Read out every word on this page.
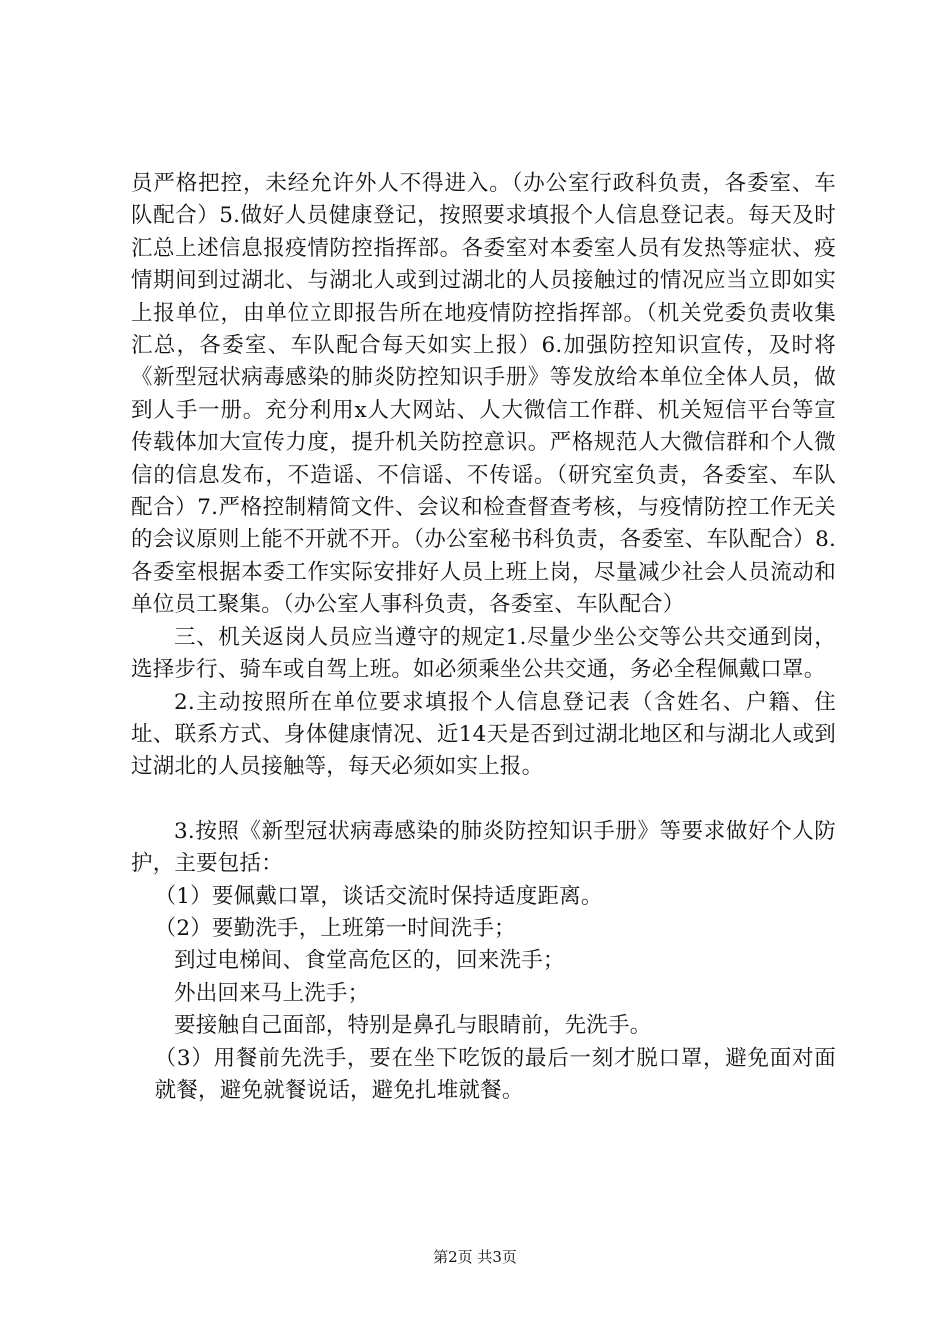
员严格把控，未经允许外人不得进入。（办公室行政科负责，各委室、车队配合）5.做好人员健康登记，按照要求填报个人信息登记表。每天及时汇总上述信息报疫情防控指挥部。各委室对本委室人员有发热等症状、疫情期间到过湖北、与湖北人或到过湖北的人员接触过的情况应当立即如实上报单位，由单位立即报告所在地疫情防控指挥部。（机关党委负责收集汇总，各委室、车队配合每天如实上报）6.加强防控知识宣传，及时将《新型冠状病毒感染的肺炎防控知识手册》等发放给本单位全体人员，做到人手一册。充分利用x人大网站、人大微信工作群、机关短信平台等宣传载体加大宣传力度，提升机关防控意识。严格规范人大微信群和个人微信的信息发布，不造谣、不信谣、不传谣。（研究室负责，各委室、车队配合）7.严格控制精简文件、会议和检查督查考核，与疫情防控工作无关的会议原则上能不开就不开。（办公室秘书科负责，各委室、车队配合）8.各委室根据本委工作实际安排好人员上班上岗，尽量减少社会人员流动和单位员工聚集。（办公室人事科负责，各委室、车队配合）

三、机关返岗人员应当遵守的规定1.尽量少坐公交等公共交通到岗，选择步行、骑车或自驾上班。如必须乘坐公共交通，务必全程佩戴口罩。

2.主动按照所在单位要求填报个人信息登记表（含姓名、户籍、住址、联系方式、身体健康情况、近14天是否到过湖北地区和与湖北人或到过湖北的人员接触等，每天必须如实上报。

3.按照《新型冠状病毒感染的肺炎防控知识手册》等要求做好个人防护，主要包括：

（1）要佩戴口罩，谈话交流时保持适度距离。

（2）要勤洗手，上班第一时间洗手；

到过电梯间、食堂高危区的，回来洗手；

外出回来马上洗手；

要接触自己面部，特别是鼻孔与眼睛前，先洗手。

（3）用餐前先洗手，要在坐下吃饭的最后一刻才脱口罩，避免面对面就餐，避免就餐说话，避免扎堆就餐。

第2页 共3页
